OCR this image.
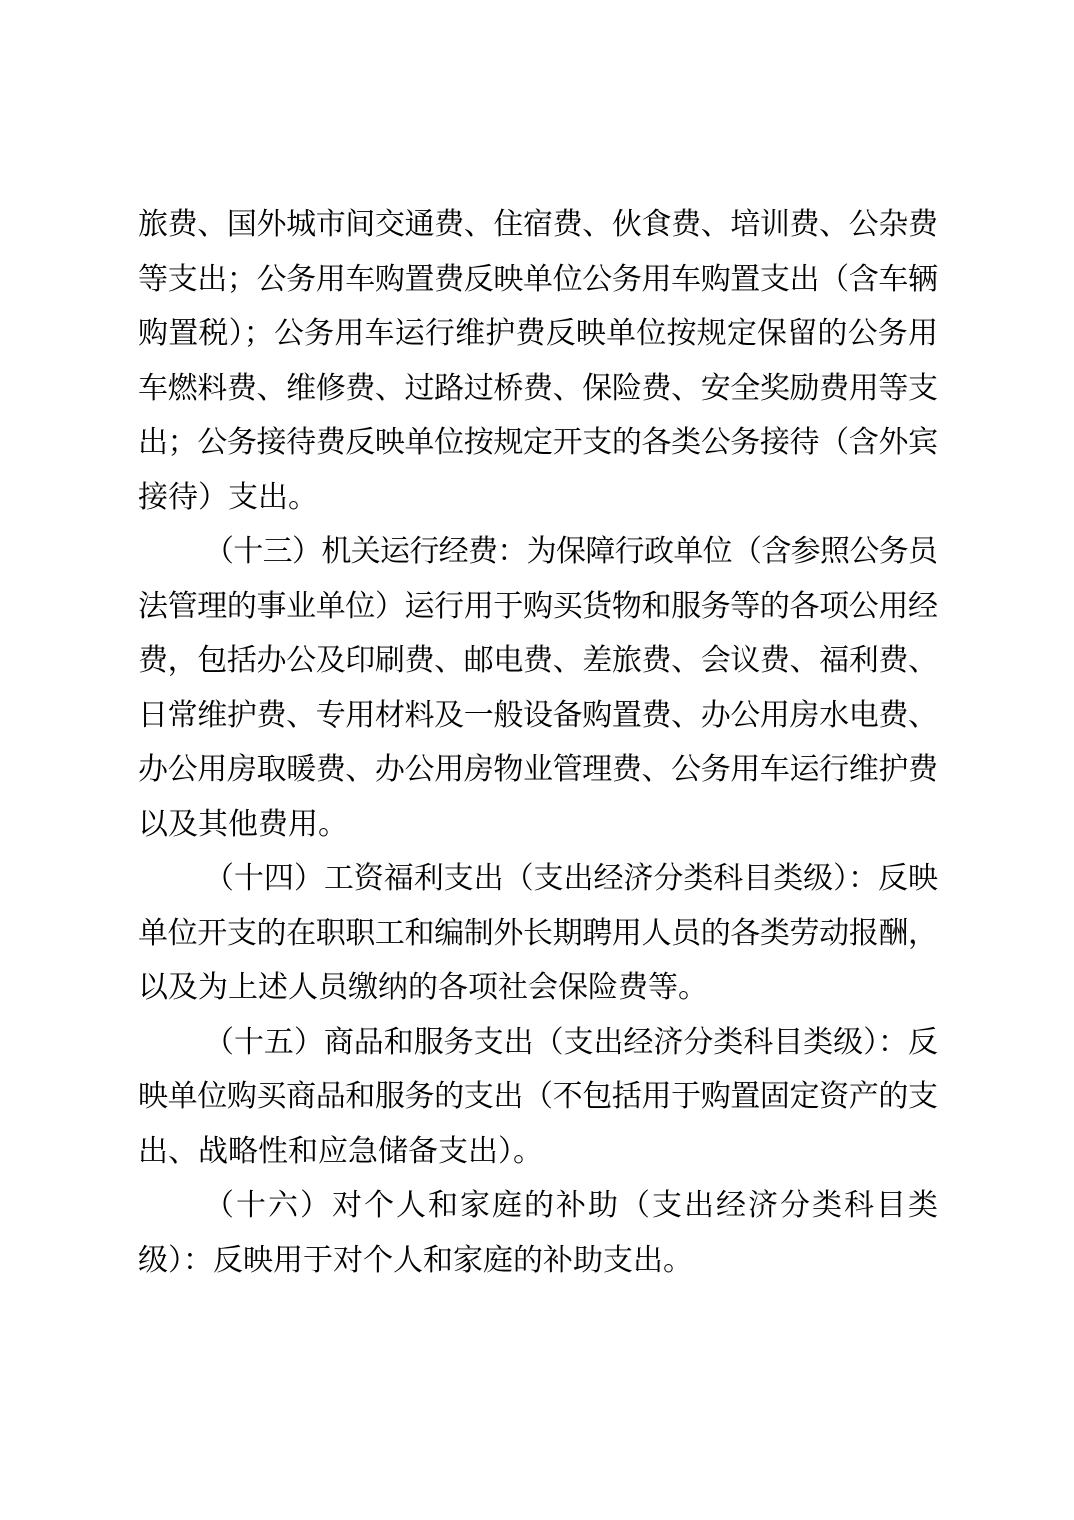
旅费、国外城市间交通费、住宿费、伙食费、培训费、公杂费
等支出；公务用车购置费反映单位公务用车购置支出（含车辆
购置税）；公务用车运行维护费反映单位按规定保留的公务用
车燃料费、维修费、过路过桥费、保险费、安全奖励费用等支
出；公务接待费反映单位按规定开支的各类公务接待（含外宾
接待）支出。
（十三）机关运行经费：为保障行政单位（含参照公务员
法管理的事业单位）运行用于购买货物和服务等的各项公用经
费，包括办公及印刷费、邮电费、差旅费、会议费、福利费、
日常维护费、专用材料及一般设备购置费、办公用房水电费、
办公用房取暖费、办公用房物业管理费、公务用车运行维护费
以及其他费用。
（十四）工资福利支出（支出经济分类科目类级）：反映
单位开支的在职职工和编制外长期聘用人员的各类劳动报酬，
以及为上述人员缴纳的各项社会保险费等。
（十五）商品和服务支出（支出经济分类科目类级）：反
映单位购买商品和服务的支出（不包括用于购置固定资产的支
出、战略性和应急储备支出）。
（十六）对个人和家庭的补助（支出经济分类科目类
级）：反映用于对个人和家庭的补助支出。
